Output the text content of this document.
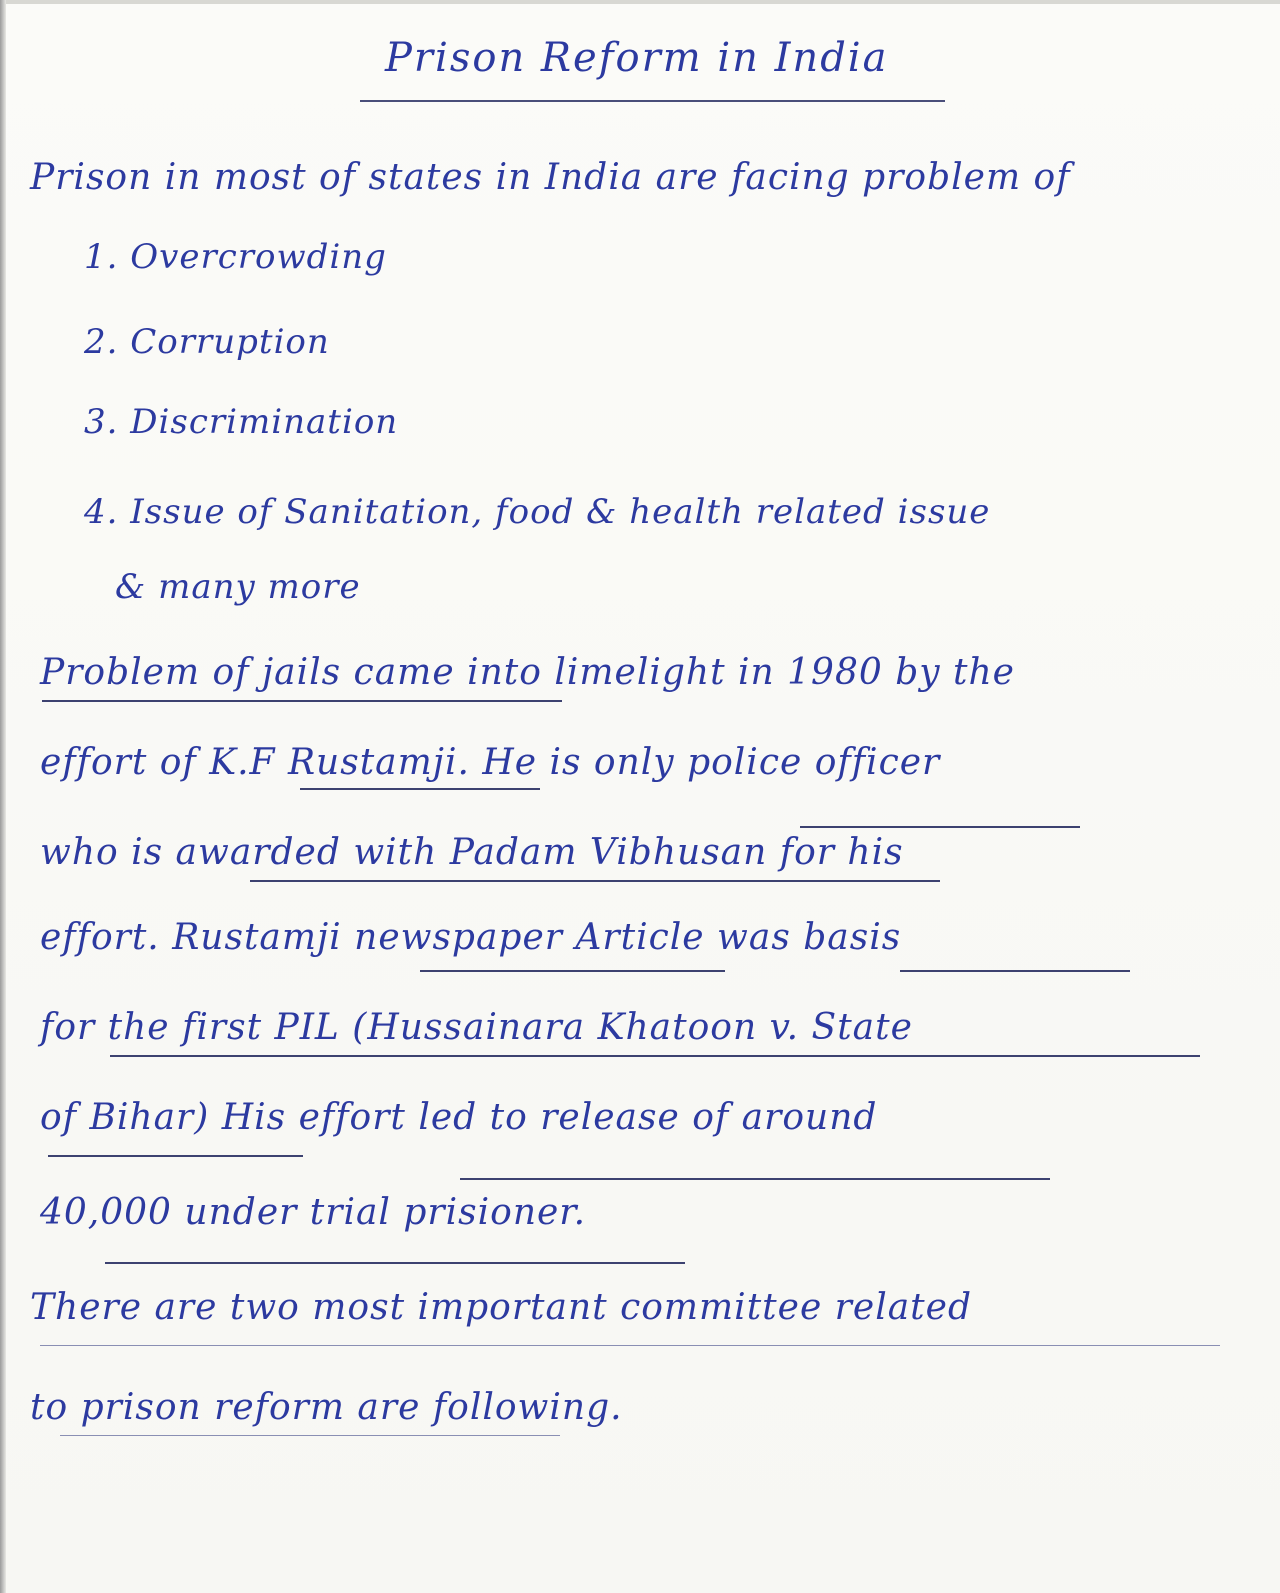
Prison Reform in India
Prison in most of states in India are facing problem of
1. Overcrowding
2. Corruption
3. Discrimination
4. Issue of Sanitation, food & health related issue
& many more
Problem of jails came into limelight in 1980 by the
effort of K.F Rustamji. He is only police officer
who is awarded with Padam Vibhusan for his
effort. Rustamji newspaper Article was basis
for the first PIL (Hussainara Khatoon v. State
of Bihar) His effort led to release of around
40,000 under trial prisioner.
There are two most important committee related
to prison reform are following.
